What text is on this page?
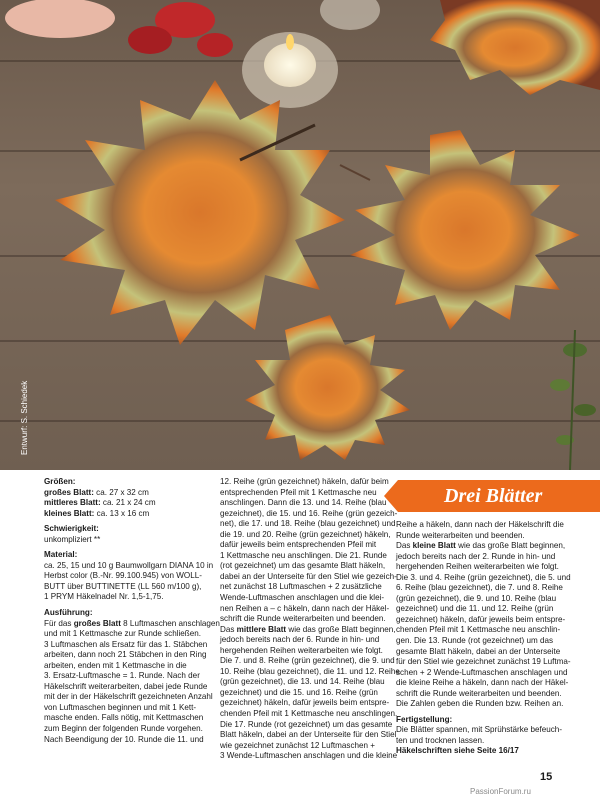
Entwurf: S. Schiedek
Drei Blätter

Größen:
großes Blatt: ca. 27 x 32 cm
mittleres Blatt: ca. 21 x 24 cm
kleines Blatt: ca. 13 x 16 cm

Schwierigkeit:
unkompliziert **

Material:
ca. 25, 15 und 10 g Baumwollgarn DIANA 10 in
Herbst color (B.-Nr. 99.100.945) von WOLL-
BUTT über BUTTINETTE (LL 560 m/100 g),
1 PRYM Häkelnadel Nr. 1,5-1,75.

Ausführung:
Für das großes Blatt 8 Luftmaschen anschlagen
und mit 1 Kettmasche zur Runde schließen.
3 Luftmaschen als Ersatz für das 1. Stäbchen
arbeiten, dann noch 21 Stäbchen in den Ring
arbeiten, enden mit 1 Kettmasche in die
3. Ersatz-Luftmasche = 1. Runde. Nach der
Häkelschrift weiterarbeiten, dabei jede Runde
mit der in der Häkelschrift gezeichneten Anzahl
von Luftmaschen beginnen und mit 1 Kett-
masche enden. Falls nötig, mit Kettmaschen
zum Beginn der folgenden Runde vorgehen.
Nach Beendigung der 10. Runde die 11. und

12. Reihe (grün gezeichnet) häkeln, dafür beim
entsprechenden Pfeil mit 1 Kettmasche neu
anschlingen. Dann die 13. und 14. Reihe (blau
gezeichnet), die 15. und 16. Reihe (grün gezeich-
net), die 17. und 18. Reihe (blau gezeichnet) und
die 19. und 20. Reihe (grün gezeichnet) häkeln,
dafür jeweils beim entsprechenden Pfeil mit
1 Kettmasche neu anschlingen. Die 21. Runde
(rot gezeichnet) um das gesamte Blatt häkeln,
dabei an der Unterseite für den Stiel wie gezeich-
net zunächst 18 Luftmaschen + 2 zusätzliche
Wende-Luftmaschen anschlagen und die klei-
nen Reihen a – c häkeln, dann nach der Häkel-
schrift die Runde weiterarbeiten und beenden.
Das mittlere Blatt wie das große Blatt beginnen,
jedoch bereits nach der 6. Runde in hin- und
hergehenden Reihen weiterarbeiten wie folgt.
Die 7. und 8. Reihe (grün gezeichnet), die 9. und
10. Reihe (blau gezeichnet), die 11. und 12. Reihe
(grün gezeichnet), die 13. und 14. Reihe (blau
gezeichnet) und die 15. und 16. Reihe (grün
gezeichnet) häkeln, dafür jeweils beim entspre-
chenden Pfeil mit 1 Kettmasche neu anschlingen.
Die 17. Runde (rot gezeichnet) um das gesamte
Blatt häkeln, dabei an der Unterseite für den Stiel
wie gezeichnet zunächst 12 Luftmaschen +
3 Wende-Luftmaschen anschlagen und die kleine

Reihe a häkeln, dann nach der Häkelschrift die
Runde weiterarbeiten und beenden.
Das kleine Blatt wie das große Blatt beginnen,
jedoch bereits nach der 2. Runde in hin- und
hergehenden Reihen weiterarbeiten wie folgt.
Die 3. und 4. Reihe (grün gezeichnet), die 5. und
6. Reihe (blau gezeichnet), die 7. und 8. Reihe
(grün gezeichnet), die 9. und 10. Reihe (blau
gezeichnet) und die 11. und 12. Reihe (grün
gezeichnet) häkeln, dafür jeweils beim entspre-
chenden Pfeil mit 1 Kettmasche neu anschlin-
gen. Die 13. Runde (rot gezeichnet) um das
gesamte Blatt häkeln, dabei an der Unterseite
für den Stiel wie gezeichnet zunächst 19 Luftma-
schen + 2 Wende-Luftmaschen anschlagen und
die kleine Reihe a häkeln, dann nach der Häkel-
schrift die Runde weiterarbeiten und beenden.
Die Zahlen geben die Runden bzw. Reihen an.

Fertigstellung:
Die Blätter spannen, mit Sprühstärke befeuch-
ten und trocknen lassen.
Häkelschriften siehe Seite 16/17

15
PassionForum.ru
